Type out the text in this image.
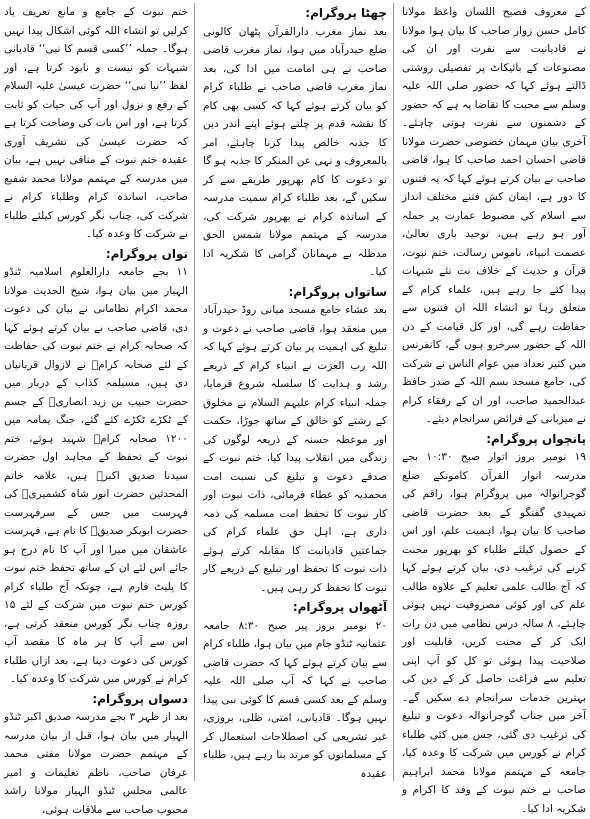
کے معروف فصیح اللسان واعظ مولانا کامل حسن زوار صاحب کا بیان ہوا مولانا نے قادیانیت سے نفرت اور ان کی مصنوعات کے بائیکاٹ پر تفصیلی روشنی ڈالتے ہوئے کہا کہ حضور صلی اللہ علیہ وسلم سے محبت کا تقاضا یہ ہے کہ حضور کے دشمنوں سے نفرت ہونی چاہئے۔ آخری بیان مہمان خصوصی حضرت مولانا قاضی احسان احمد صاحب کا ہوا، قاضی صاحب نے بیان کرتے ہوئے کہا کہ یہ فتنوں کا دور ہے، ایمان کش فتنے مختلف انداز سے اسلام کی مضبوط عمارت پر حملہ آور ہو رہے ہیں، توحید باری تعالیٰ، عصمت انبیاء، ناموس رسالت، ختم نبوت، قرآن و حدیث کے خلاف نت نئے شبہات پیدا کئے جا رہے ہیں، علماء کرام کے متعلق رہا تو انشاء اللہ ان فتنوں سے حفاظت رہے گی، اور کل قیامت کے دن اللہ کے حضور سرخرو ہوں گے، کانفرنس میں کثیر تعداد میں عوام الناس نے شرکت کی، جامع مسجد بسم اللہ کے صدر حافظ عبدالحمید صاحب، اور ان کے رفقاء کرام نے میزبانی کے فرائض سرانجام دیئے۔

پانچواں پروگرام:

۱۹ نومبر بروز اتوار صبح ۱۰:۳۰ بجے مدرسہ انوار القرآن کامونکے ضلع گوجرانوالہ میں پروگرام ہوا، راقم کی تمہیدی گفتگو کے بعد حضرت قاضی صاحب کا بیان ہوا، اہمیت علم، اور اس کے حصول کیلئے طلباء کو بھرپور محنت کرنے کی ترغیب دی، بیان کرتے ہوئے کہا کہ آج طالب علمی تعلیم کے علاوہ طالب علم کی اور کوئی مصروفیت نہیں ہونی چاہئے، ۸ سالہ درس نظامی میں دن رات ایک کر کے محنت کریں، قابلیت اور صلاحیت پیدا ہوئی تو کل کو آپ اپنی تعلیم سے فراغت حاصل کر کے دین کی بہترین خدمات سرانجام دے سکیں گے۔ آخر میں جناب گوجرانوالہ دعوت و تبلیغ کی ترغیب دی گئی، جس میں کئی طلباء کرام نے کورس میں شرکت کا وعدہ کیا، جامعہ کے مہتمم مولانا محمد ابراہیم صاحب نے ختم نبوت کے وفد کا اکرام و شکریہ ادا کیا۔

چھٹا پروگرام:

بعد نماز مغرب دارالقرآن پٹھان کالونی ضلع حیدرآباد میں ہوا، نماز مغرب قاضی صاحب نے ہی امامت میں ادا کی، بعد نماز مغرب قاضی صاحب نے طلباء کرام کو بیان کرتے ہوئے کہا کہ کسی بھی کام کا نقشہ قدم پر چلتے ہوئے اپنے اندر دین کا جذبہ خالص پیدا کرنا چاہئے، امر بالمعروف و نہی عن المنکر کا جذبہ ہو گا تو دعوت کا کام بھرپور طریقے سے کر سکیں گے، بعد طلباء کرام سمیت مدرسہ کے اساتذہ کرام نے بھرپور شرکت کی، مدرسہ کے مہتمم مولانا شمس الحق مدظلہ نے مہمانان گرامی کا شکریہ ادا کیا۔

ساتواں پروگرام:

بعد عشاء جامع مسجد میانی روڈ حیدرآباد میں منعقد ہوا، قاضی صاحب نے دعوت و تبلیغ کی اہمیت پر بیان کرتے ہوئے کہا کہ اللہ رب العزت نے انبیاء کرام کے ذریعے رشد و ہدایت کا سلسلہ شروع فرمایا، جملہ انبیاء کرام علیہم السلام نے مخلوق کے رشتے کو خالق کے ساتھ جوڑا، حکمت اور موعظہ حسنہ کے ذریعہ لوگوں کی زندگی میں انقلاب پیدا کیا، ختم نبوت کے صدقے دعوت و تبلیغ کی نسبت امت محمدیہ کو عطاء فرمائی، ذات نبوت اور کار نبوت کا تحفظ امت مسلمہ کی ذمہ داری ہے، اہل حق علماء کرام کی جماعتیں قادیانیت کا مقابلہ کرتے ہوئے ذات نبوت کا تحفظ اور تبلیغ کے ذریعے کار نبوت کا تحفظ کر رہی ہیں۔

آٹھواں پروگرام:

۲۰ نومبر بروز پیر صبح ۸:۳۰ جامعہ عثمانیہ ٹنڈو جام میں بیان ہوا، طلباء کرام سے بیان کرتے ہوئے کہا کہ حضرت قاضی صاحب نے کہا کہ آپ صلی اللہ علیہ وسلم کے بعد کسی قسم کا کوئی نبی پیدا نہیں ہوگا۔ قادیانی، امتی، ظلی، بروزی، غیر تشریعی کی اصطلاحات استعمال کر کے مسلمانوں کو مرتد بنا رہے ہیں، طلباء عقیدہ

ختم نبوت کے جامع و مانع تعریف یاد کرلیں تو انشاء اللہ کوئی اشکال پیدا نہیں ہوگا۔ جملہ ’’کسی قسم کا نبی‘‘ قادیانی شبہات کو نیست و نابود کرتا ہے، اور لفظ ’’نیا نبی‘‘ حضرت عیسیٰ علیہ السلام کے رفع و نزول اور آپ کی حیات کو ثابت کرتا ہے، اور اس بات کی وضاحت کرتا ہے کہ حضرت عیسیٰ کی تشریف آوری عقیدہ ختم نبوت کے منافی نہیں ہے، بیان میں مدرسہ کے مہتمم مولانا محمد شفیع صاحب، اساتذہ کرام وطلباء کرام نے شرکت کی، چناب نگر کورس کیلئے طلباء نے شرکت کا وعدہ کیا۔

نواں پروگرام:

۱۱ بجے جامعہ دارالعلوم اسلامیہ ٹنڈو الہیار میں بیان ہوا، شیخ الحدیث مولانا محمد اکرام نظامانی نے بیان کی دعوت دی، قاضی صاحب نے بیان کرتے ہوئے کہا کہ صحابہ کرام نے ختم نبوت کی حفاظت کے لئے صحابہ کرامؓ نے لازوال قربانیاں دی ہیں، مسیلمہ کذاب کے دربار میں حضرت حبیب بن زید انصاریؓ کے جسم کے ٹکڑے ٹکڑے کئے گئے، جنگ یمامہ میں ۱۲۰۰ صحابہ کرامؓ شہید ہوئے، ختم نبوت کے تحفظ کے مجاہد اول حضرت سیدنا صدیق اکبرؓ ہیں، علامہ خاتم المحدثین حضرت انور شاہ کشمیریؒ کی فہرست میں جس کے سرفہرست حضرت ابوبکر صدیقؓ کا نام ہے، فہرست عاشقان میں میرا اور آپ کا نام درج ہو جائے اس لئے ان کے ساتھ تحفظ ختم نبوت کا پلیٹ فارم ہے، چونکہ آج طلباء کرام کورس ختم نبوت میں شرکت کے لئے ۱۵ روزہ چناب نگر کورس منعقد کرتی ہے، اس سے آپ کا ہر ماہ کا مقصد آپ کورس کی دعوت دینا ہے، بعد ازاں طلباء کرام نے کورس میں شرکت کا وعدہ کیا۔

دسواں پروگرام:

بعد از ظہر ۳ بجے مدرسہ صدیق اکبر ٹنڈو الہیار میں بیان ہوا، قبل از بیان مدرسہ کے مہتمم حضرت مولانا مفتی محمد عرفان صاحب، ناظم تعلیمات و امیر عالمی مجلس ٹنڈو الہیار مولانا راشد محبوب صاحب سے ملاقات ہوئی،
